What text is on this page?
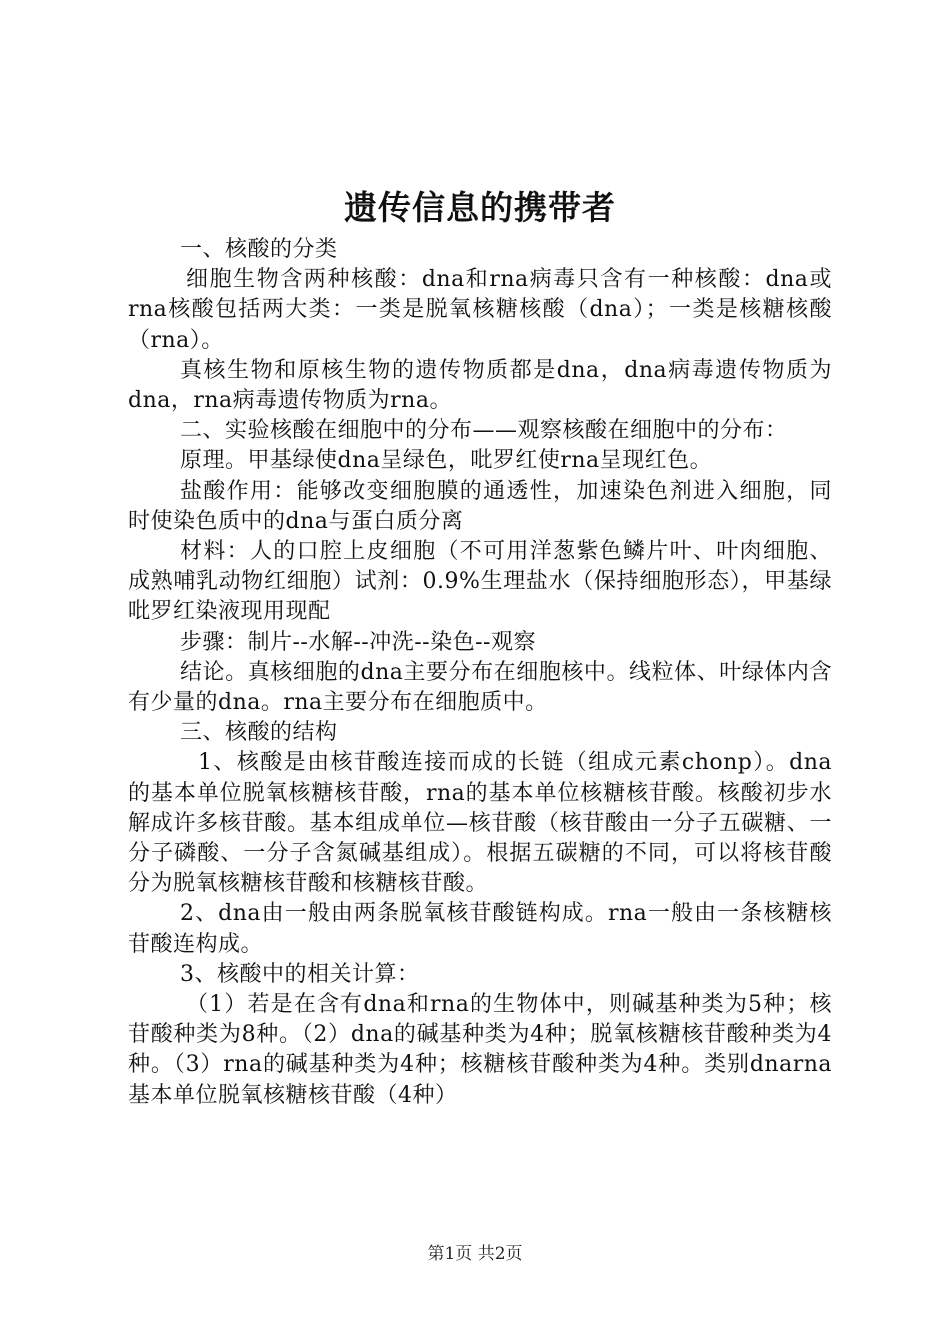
遗传信息的携带者

一、核酸的分类

细胞生物含两种核酸：dna和rna病毒只含有一种核酸：dna或rna核酸包括两大类：一类是脱氧核糖核酸（dna）；一类是核糖核酸（rna）。

真核生物和原核生物的遗传物质都是dna，dna病毒遗传物质为dna，rna病毒遗传物质为rna。

二、实验核酸在细胞中的分布——观察核酸在细胞中的分布：

原理。甲基绿使dna呈绿色，吡罗红使rna呈现红色。

盐酸作用：能够改变细胞膜的通透性，加速染色剂进入细胞，同时使染色质中的dna与蛋白质分离

材料：人的口腔上皮细胞（不可用洋葱紫色鳞片叶、叶肉细胞、成熟哺乳动物红细胞）试剂：0.9%生理盐水（保持细胞形态），甲基绿吡罗红染液现用现配

步骤：制片--水解--冲洗--染色--观察

结论。真核细胞的dna主要分布在细胞核中。线粒体、叶绿体内含有少量的dna。rna主要分布在细胞质中。

三、核酸的结构

1、核酸是由核苷酸连接而成的长链（组成元素chonp）。dna的基本单位脱氧核糖核苷酸，rna的基本单位核糖核苷酸。核酸初步水解成许多核苷酸。基本组成单位—核苷酸（核苷酸由一分子五碳糖、一分子磷酸、一分子含氮碱基组成）。根据五碳糖的不同，可以将核苷酸分为脱氧核糖核苷酸和核糖核苷酸。

2、dna由一般由两条脱氧核苷酸链构成。rna一般由一条核糖核苷酸连构成。

3、核酸中的相关计算：

（1）若是在含有dna和rna的生物体中，则碱基种类为5种；核苷酸种类为8种。（2）dna的碱基种类为4种；脱氧核糖核苷酸种类为4种。（3）rna的碱基种类为4种；核糖核苷酸种类为4种。类别dnarna基本单位脱氧核糖核苷酸（4种）

第1页 共2页
